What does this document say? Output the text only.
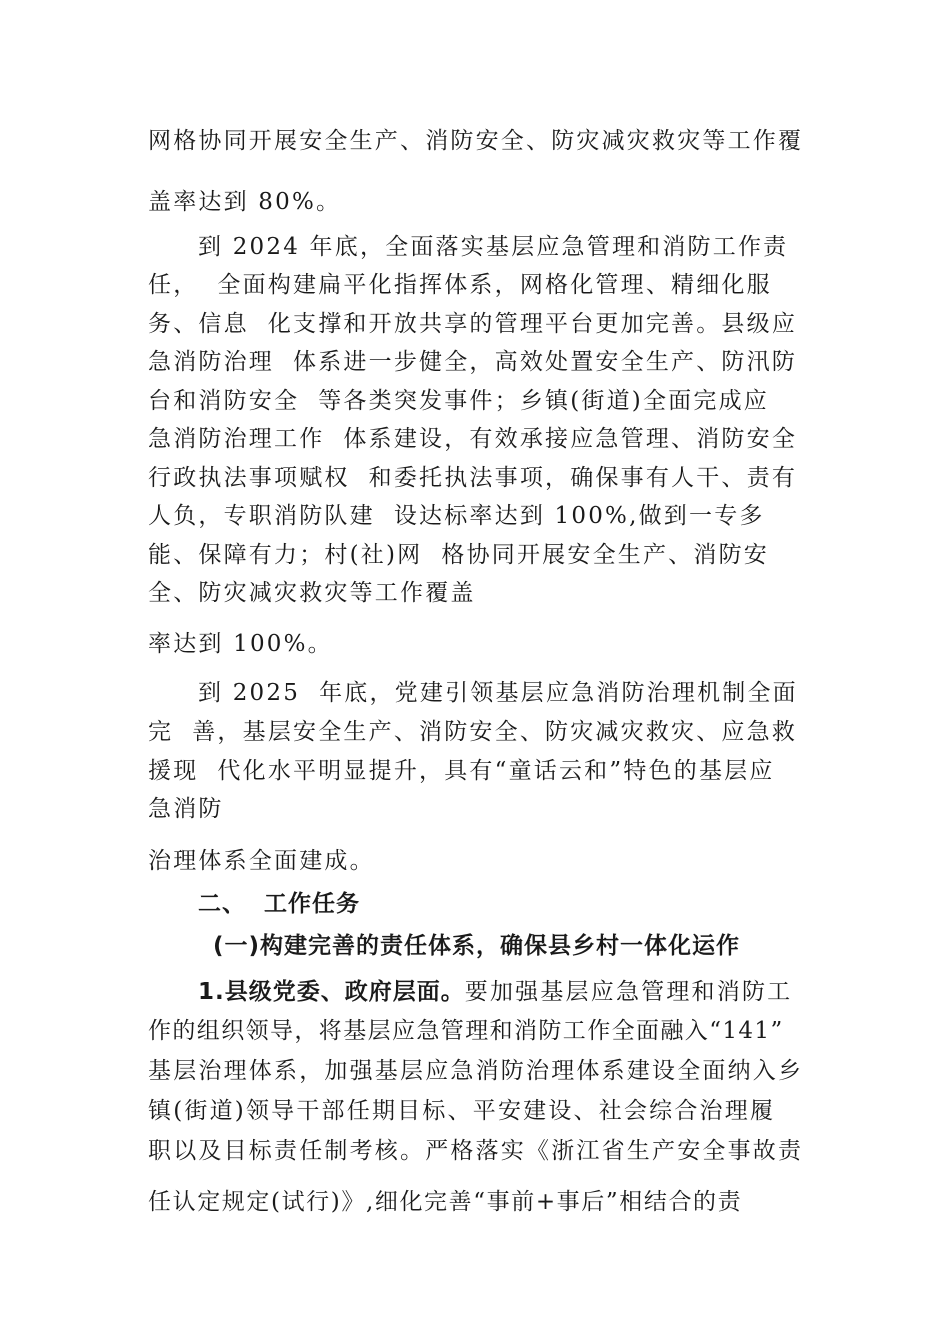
网格协同开展安全生产、消防安全、防灾减灾救灾等工作覆
盖率达到 80%。
到 2024 年底，全面落实基层应急管理和消防工作责
任，  全面构建扁平化指挥体系，网格化管理、精细化服
务、信息  化支撑和开放共享的管理平台更加完善。县级应
急消防治理  体系进一步健全，高效处置安全生产、防汛防
台和消防安全  等各类突发事件；乡镇(街道)全面完成应
急消防治理工作  体系建设，有效承接应急管理、消防安全
行政执法事项赋权  和委托执法事项，确保事有人干、责有
人负，专职消防队建  设达标率达到 100%,做到一专多
能、保障有力；村(社)网  格协同开展安全生产、消防安
全、防灾减灾救灾等工作覆盖
率达到 100%。
到 2025  年底，党建引领基层应急消防治理机制全面
完  善，基层安全生产、消防安全、防灾减灾救灾、应急救
援现  代化水平明显提升，具有“童话云和”特色的基层应
急消防
治理体系全面建成。
二、  工作任务
(一)构建完善的责任体系，确保县乡村一体化运作
1.县级党委、政府层面。要加强基层应急管理和消防工
作的组织领导，将基层应急管理和消防工作全面融入“141”
基层治理体系，加强基层应急消防治理体系建设全面纳入乡
镇(街道)领导干部任期目标、平安建设、社会综合治理履
职以及目标责任制考核。严格落实《浙江省生产安全事故责
任认定规定(试行)》,细化完善“事前+事后”相结合的责
